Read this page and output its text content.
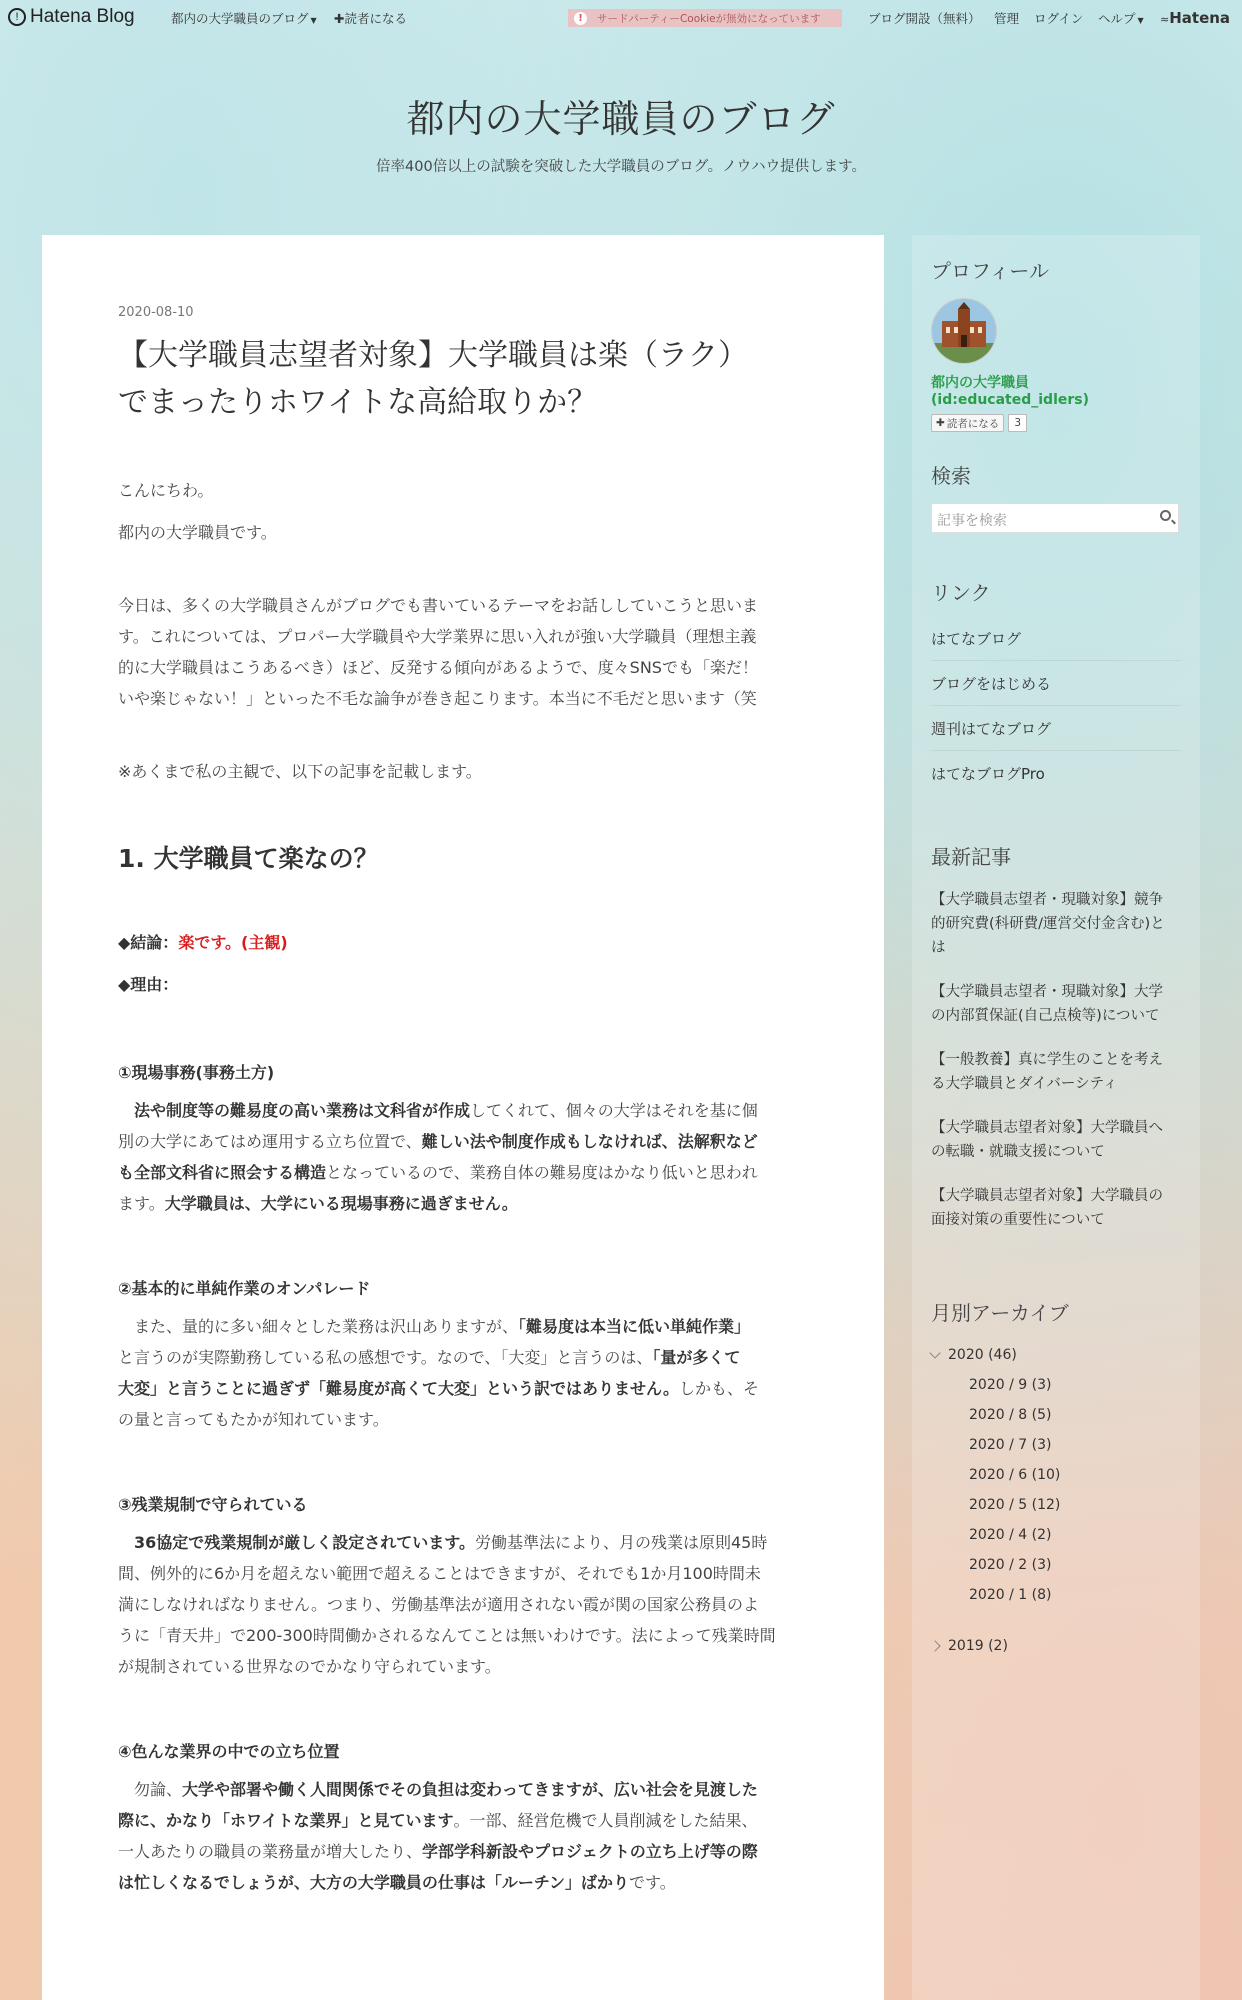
! Hatena Blog	都内の大学職員のブログ ▼ ✚読者になる	!	サードパーティーCookieが無効になっています	ブログ開設（無料） 管理 ログイン ヘルプ ▼ ≈Hatena
都内の大学職員のブログ
倍率400倍以上の試験を突破した大学職員のブログ。ノウハウ提供します。
2020-08-10
【大学職員志望者対象】大学職員は楽（ラク）
でまったりホワイトな高給取りか？

こんにちわ。

都内の大学職員です。

今日は、多くの大学職員さんがブログでも書いているテーマをお話ししていこうと思いま

す。これについては、プロパー大学職員や大学業界に思い入れが強い大学職員（理想主義

的に大学職員はこうあるべき）ほど、反発する傾向があるようで、度々SNSでも「楽だ！

いや楽じゃない！」といった不毛な論争が巻き起こります。本当に不毛だと思います（笑

※あくまで私の主観で、以下の記事を記載します。

1. 大学職員て楽なの？

◆結論：楽です。(主観)

◆理由：

①現場事務(事務土方)

法や制度等の難易度の高い業務は文科省が作成してくれて、個々の大学はそれを基に個

別の大学にあてはめ運用する立ち位置で、難しい法や制度作成もしなければ、法解釈など

も全部文科省に照会する構造となっているので、業務自体の難易度はかなり低いと思われ

ます。大学職員は、大学にいる現場事務に過ぎません。

②基本的に単純作業のオンパレード

また、量的に多い細々とした業務は沢山ありますが、「難易度は本当に低い単純作業」

と言うのが実際勤務している私の感想です。なので、「大変」と言うのは、「量が多くて

大変」と言うことに過ぎず「難易度が高くて大変」という訳ではありません。しかも、そ

の量と言ってもたかが知れています。

③残業規制で守られている

36協定で残業規制が厳しく設定されています。労働基準法により、月の残業は原則45時

間、例外的に6か月を超えない範囲で超えることはできますが、それでも1か月100時間未

満にしなければなりません。つまり、労働基準法が適用されない霞が関の国家公務員のよ

うに「青天井」で200-300時間働かされるなんてことは無いわけです。法によって残業時間

が規制されている世界なのでかなり守られています。

④色んな業界の中での立ち位置

勿論、大学や部署や働く人間関係でその負担は変わってきますが、広い社会を見渡した

際に、かなり「ホワイトな業界」と見ています。一部、経営危機で人員削減をした結果、

一人あたりの職員の業務量が増大したり、学部学科新設やプロジェクトの立ち上げ等の際

は忙しくなるでしょうが、大方の大学職員の仕事は「ルーチン」ばかりです。

プロフィール
都内の大学職員 (id:educated_idlers)
✚ 読者になる	3
検索
記事を検索
リンク
はてなブログ
ブログをはじめる
週刊はてなブログ
はてなブログPro
最新記事
【大学職員志望者・現職対象】競争
的研究費(科研費/運営交付金含む)と
は
【大学職員志望者・現職対象】大学
の内部質保証(自己点検等)について
【一般教養】真に学生のことを考え
る大学職員とダイバーシティ
【大学職員志望者対象】大学職員へ
の転職・就職支援について
【大学職員志望者対象】大学職員の
面接対策の重要性について
月別アーカイブ
2020 (46)
2020 / 9 (3)
2020 / 8 (5)
2020 / 7 (3)
2020 / 6 (10)
2020 / 5 (12)
2020 / 4 (2)
2020 / 2 (3)
2020 / 1 (8)
2019 (2)
